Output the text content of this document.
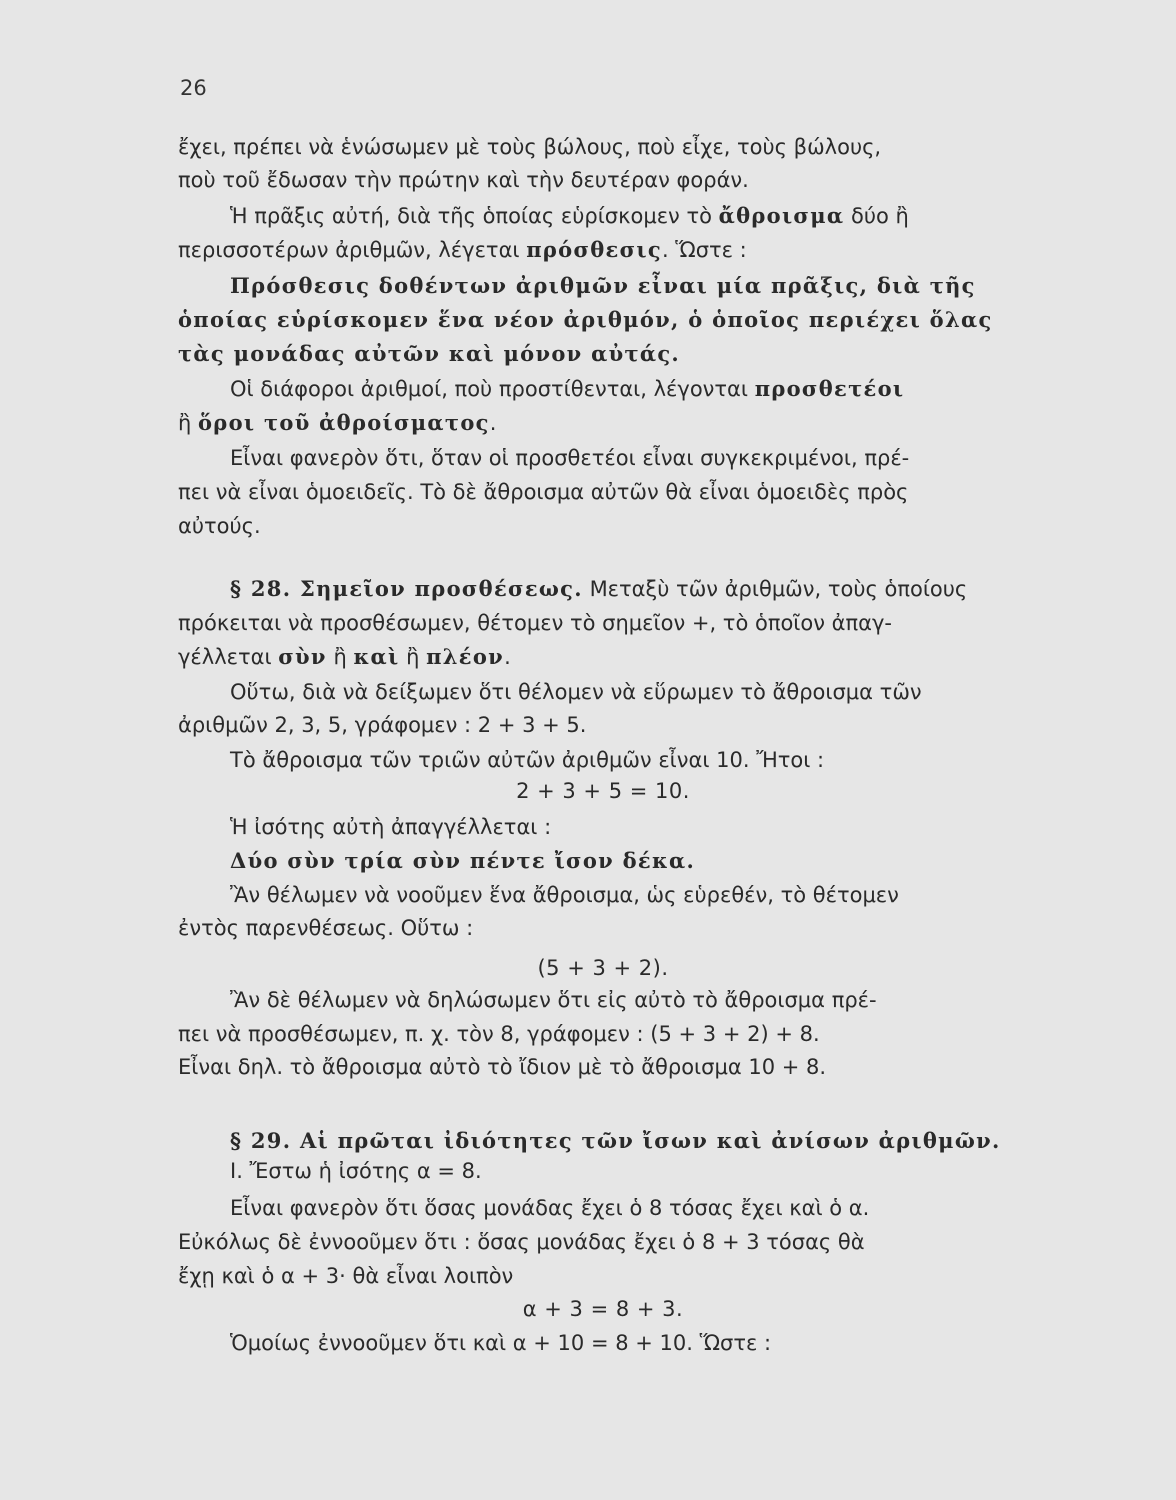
26
ἔχει, πρέπει νὰ ἑνώσωμεν μὲ τοὺς βώλους, ποὺ εἶχε, τοὺς βώλους,
ποὺ τοῦ ἔδωσαν τὴν πρώτην καὶ τὴν δευτέραν φοράν.
Ἡ πρᾶξις αὐτή, διὰ τῆς ὁποίας εὑρίσκομεν τὸ ἄθροισμα δύο ἢ
περισσοτέρων ἀριθμῶν, λέγεται πρόσθεσις. Ὥστε :
Πρόσθεσις δοθέντων ἀριθμῶν εἶναι μία πρᾶξις, διὰ τῆς
ὁποίας εὑρίσκομεν ἕνα νέον ἀριθμόν, ὁ ὁποῖος περιέχει ὅλας
τὰς μονάδας αὐτῶν καὶ μόνον αὐτάς.
Οἱ διάφοροι ἀριθμοί, ποὺ προστίθενται, λέγονται προσθετέοι
ἢ ὅροι τοῦ ἀθροίσματος.
Εἶναι φανερὸν ὅτι, ὅταν οἱ προσθετέοι εἶναι συγκεκριμένοι, πρέ-
πει νὰ εἶναι ὁμοειδεῖς. Τὸ δὲ ἄθροισμα αὐτῶν θὰ εἶναι ὁμοειδὲς πρὸς
αὐτούς.
§ 28. Σημεῖον προσθέσεως. Μεταξὺ τῶν ἀριθμῶν, τοὺς ὁποίους
πρόκειται νὰ προσθέσωμεν, θέτομεν τὸ σημεῖον +, τὸ ὁποῖον ἀπαγ-
γέλλεται σὺν ἢ καὶ ἢ πλέον.
Οὕτω, διὰ νὰ δείξωμεν ὅτι θέλομεν νὰ εὕρωμεν τὸ ἄθροισμα τῶν
ἀριθμῶν 2, 3, 5, γράφομεν : 2 + 3 + 5.
Τὸ ἄθροισμα τῶν τριῶν αὐτῶν ἀριθμῶν εἶναι 10. Ἤτοι :
2 + 3 + 5 = 10.
Ἡ ἰσότης αὐτὴ ἀπαγγέλλεται :
Δύο σὺν τρία σὺν πέντε ἴσον δέκα.
Ἂν θέλωμεν νὰ νοοῦμεν ἕνα ἄθροισμα, ὡς εὑρεθέν, τὸ θέτομεν
ἐντὸς παρενθέσεως. Οὕτω :
(5 + 3 + 2).
Ἂν δὲ θέλωμεν νὰ δηλώσωμεν ὅτι εἰς αὐτὸ τὸ ἄθροισμα πρέ-
πει νὰ προσθέσωμεν, π. χ. τὸν 8, γράφομεν : (5 + 3 + 2) + 8.
Εἶναι δηλ. τὸ ἄθροισμα αὐτὸ τὸ ἴδιον μὲ τὸ ἄθροισμα 10 + 8.
§ 29. Αἱ πρῶται ἰδιότητες τῶν ἴσων καὶ ἀνίσων ἀριθμῶν.
I. Ἔστω ἡ ἰσότης α = 8.
Εἶναι φανερὸν ὅτι ὅσας μονάδας ἔχει ὁ 8 τόσας ἔχει καὶ ὁ α.
Εὐκόλως δὲ ἐννοοῦμεν ὅτι : ὅσας μονάδας ἔχει ὁ 8 + 3 τόσας θὰ
ἔχῃ καὶ ὁ α + 3· θὰ εἶναι λοιπὸν
α + 3 = 8 + 3.
Ὁμοίως ἐννοοῦμεν ὅτι καὶ α + 10 = 8 + 10. Ὥστε :
